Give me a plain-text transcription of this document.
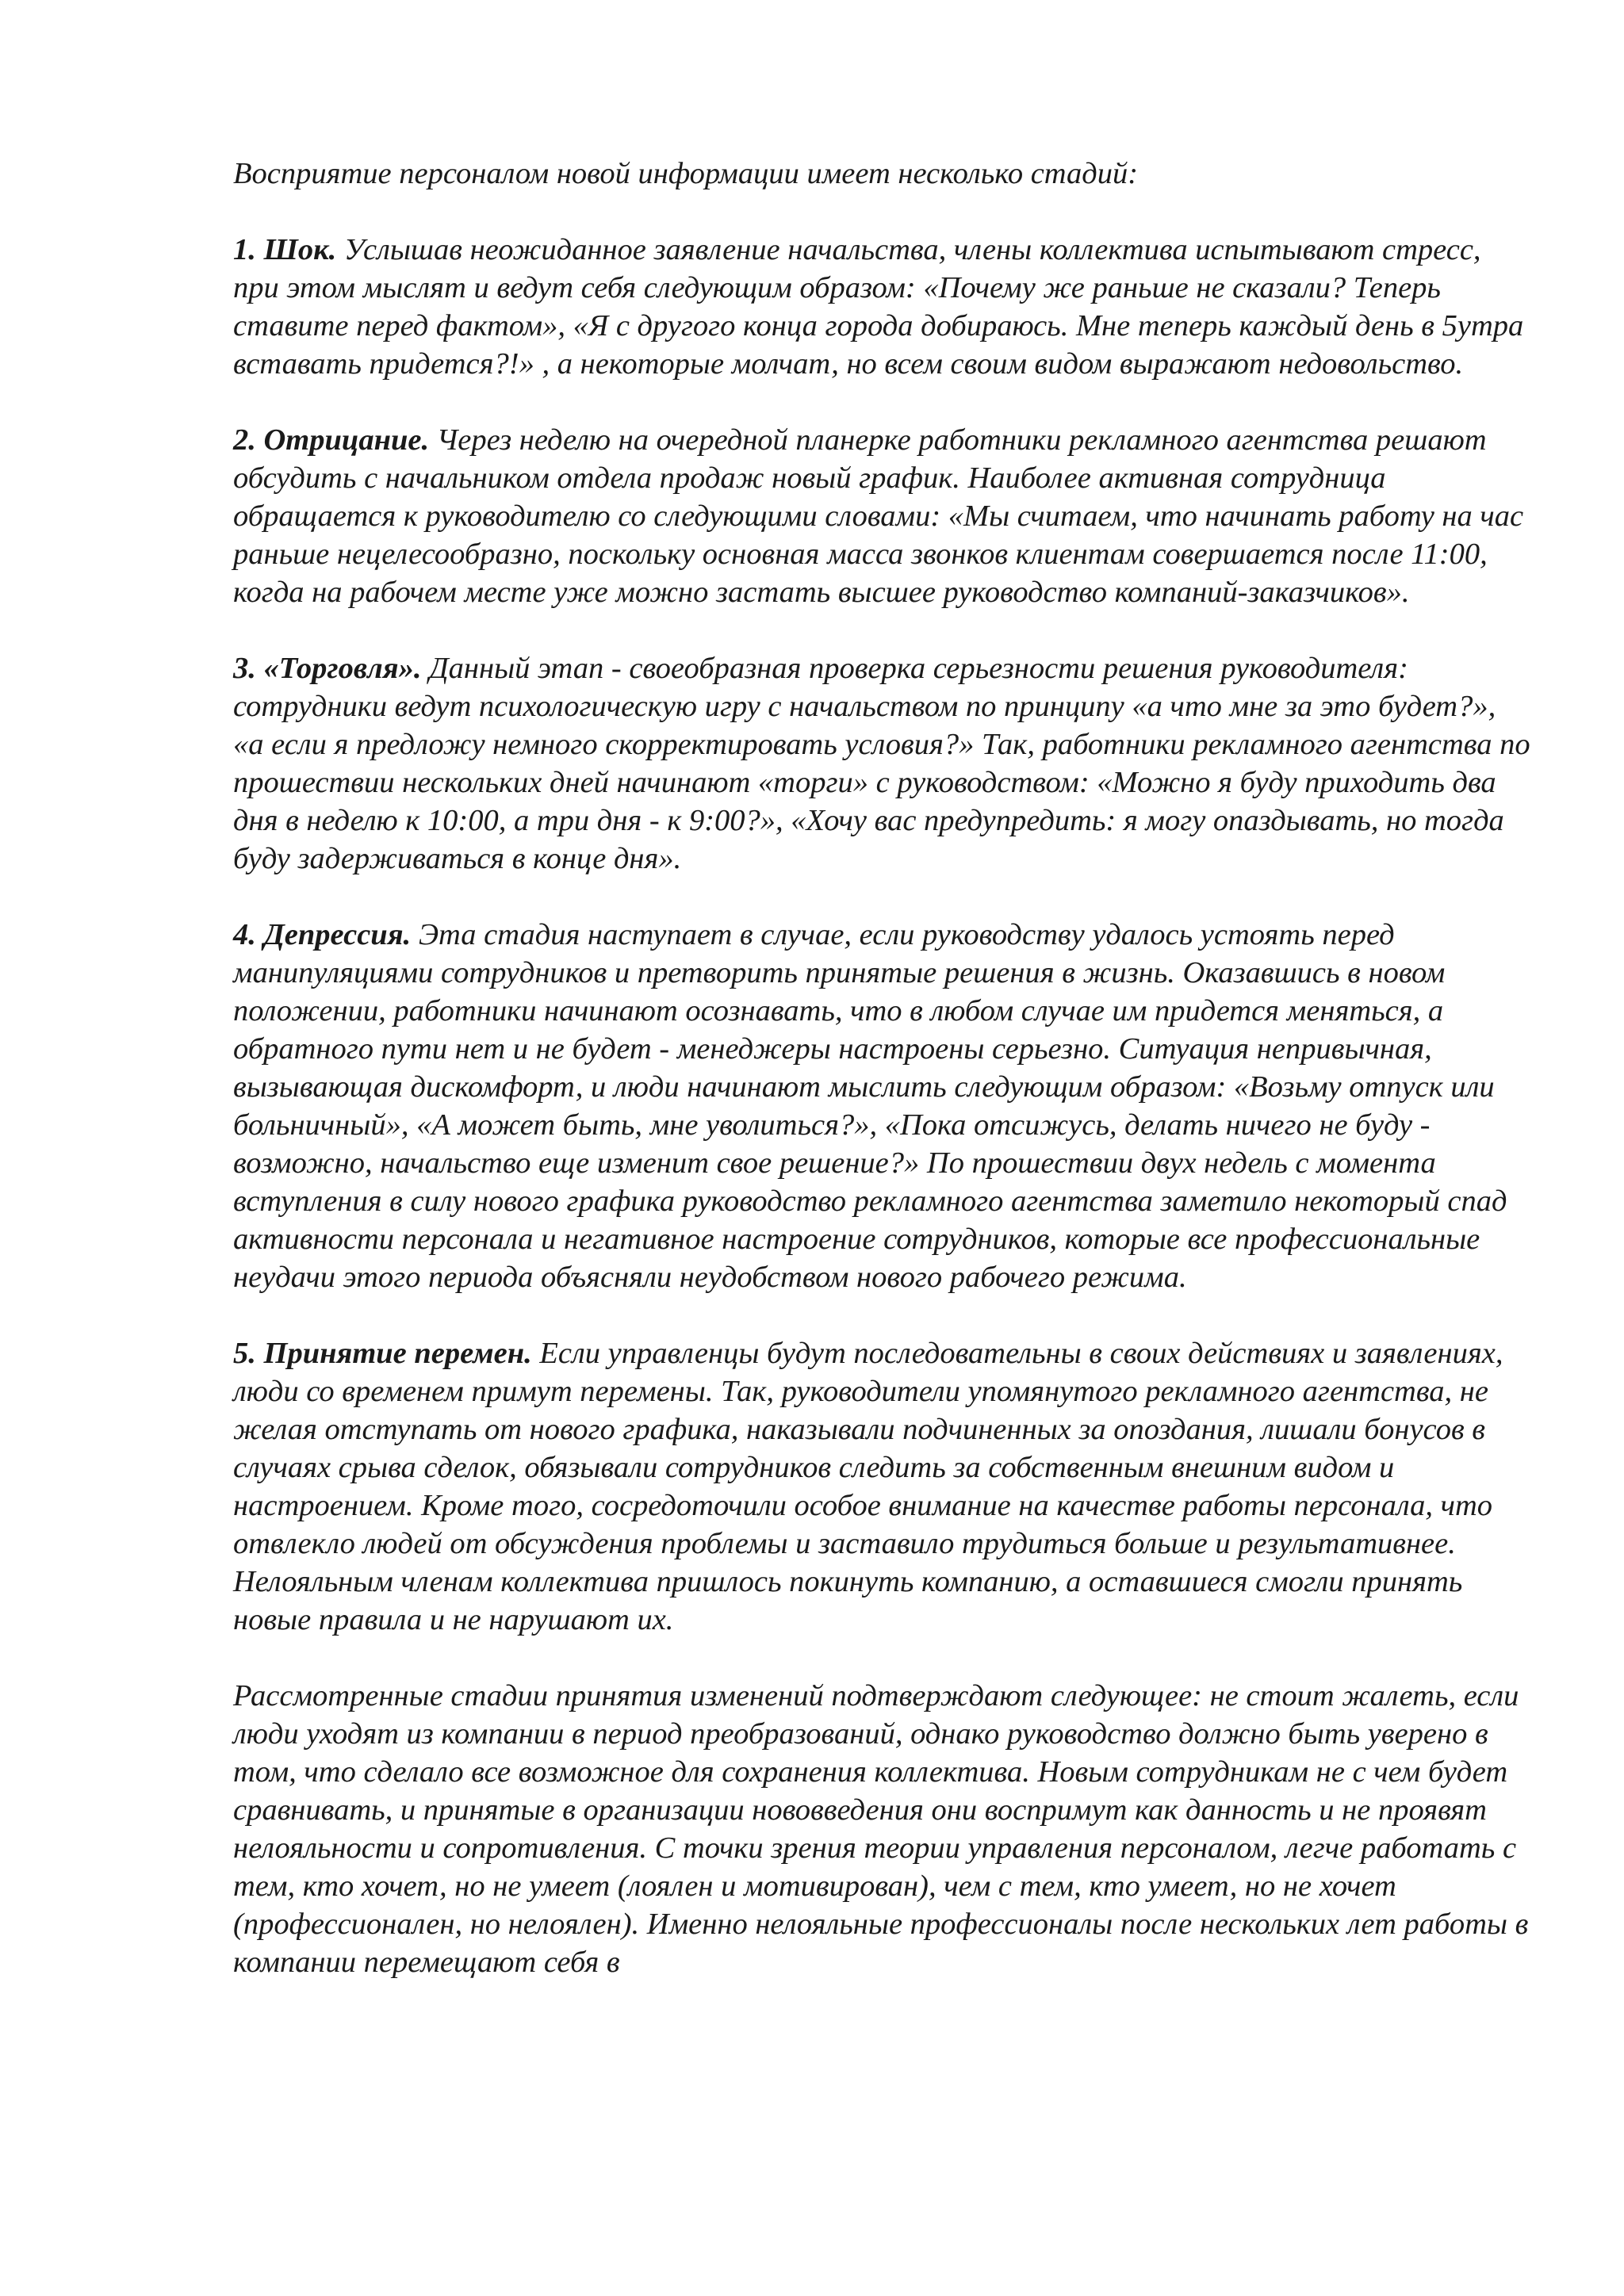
Восприятие персоналом новой информации имеет несколько стадий:

1. Шок. Услышав неожиданное заявление начальства, члены коллектива испытывают стресс, при этом мыслят и ведут себя следующим образом: «Почему же раньше не сказали? Теперь ставите перед фактом», «Я с другого конца города добираюсь. Мне теперь каждый день в 5утра вставать придется?!» , а некоторые молчат, но всем своим видом выражают недовольство.

2. Отрицание. Через неделю на очередной планерке работники рекламного агентства решают обсудить с начальником отдела продаж новый график. Наиболее активная сотрудница обращается к руководителю со следующими словами: «Мы считаем, что начинать работу на час раньше нецелесообразно, поскольку основная масса звонков клиентам совершается после 11:00, когда на рабочем месте уже можно застать высшее руководство компаний-заказчиков».

3. «Торговля». Данный этап - своеобразная проверка серьезности решения руководителя: сотрудники ведут психологическую игру с начальством по принципу «а что мне за это будет?», «а если я предложу немного скорректировать условия?» Так, работники рекламного агентства по прошествии нескольких дней начинают «торги» с руководством: «Можно я буду приходить два дня в неделю к 10:00, а три дня - к 9:00?», «Хочу вас предупредить: я могу опаздывать, но тогда буду задерживаться в конце дня».

4. Депрессия. Эта стадия наступает в случае, если руководству удалось устоять перед манипуляциями сотрудников и претворить принятые решения в жизнь. Оказавшись в новом положении, работники начинают осознавать, что в любом случае им придется меняться, а обратного пути нет и не будет - менеджеры настроены серьезно. Ситуация непривычная, вызывающая дискомфорт, и люди начинают мыслить следующим образом: «Возьму отпуск или больничный», «А может быть, мне уволиться?», «Пока отсижусь, делать ничего не буду - возможно, начальство еще изменит свое решение?» По прошествии двух недель с момента вступления в силу нового графика руководство рекламного агентства заметило некоторый спад активности персонала и негативное настроение сотрудников, которые все профессиональные неудачи этого периода объясняли неудобством нового рабочего режима.

5. Принятие перемен. Если управленцы будут последовательны в своих действиях и заявлениях, люди со временем примут перемены. Так, руководители упомянутого рекламного агентства, не желая отступать от нового графика, наказывали подчиненных за опоздания, лишали бонусов в случаях срыва сделок, обязывали сотрудников следить за собственным внешним видом и настроением. Кроме того, сосредоточили особое внимание на качестве работы персонала, что отвлекло людей от обсуждения проблемы и заставило трудиться больше и результативнее. Нелояльным членам коллектива пришлось покинуть компанию, а оставшиеся смогли принять новые правила и не нарушают их.

Рассмотренные стадии принятия изменений подтверждают следующее: не стоит жалеть, если люди уходят из компании в период преобразований, однако руководство должно быть уверено в том, что сделало все возможное для сохранения коллектива. Новым сотрудникам не с чем будет сравнивать, и принятые в организации нововведения они воспримут как данность и не проявят нелояльности и сопротивления. С точки зрения теории управления персоналом, легче работать с тем, кто хочет, но не умеет (лоялен и мотивирован), чем с тем, кто умеет, но не хочет (профессионален, но нелоялен). Именно нелояльные профессионалы после нескольких лет работы в компании перемещают себя в
